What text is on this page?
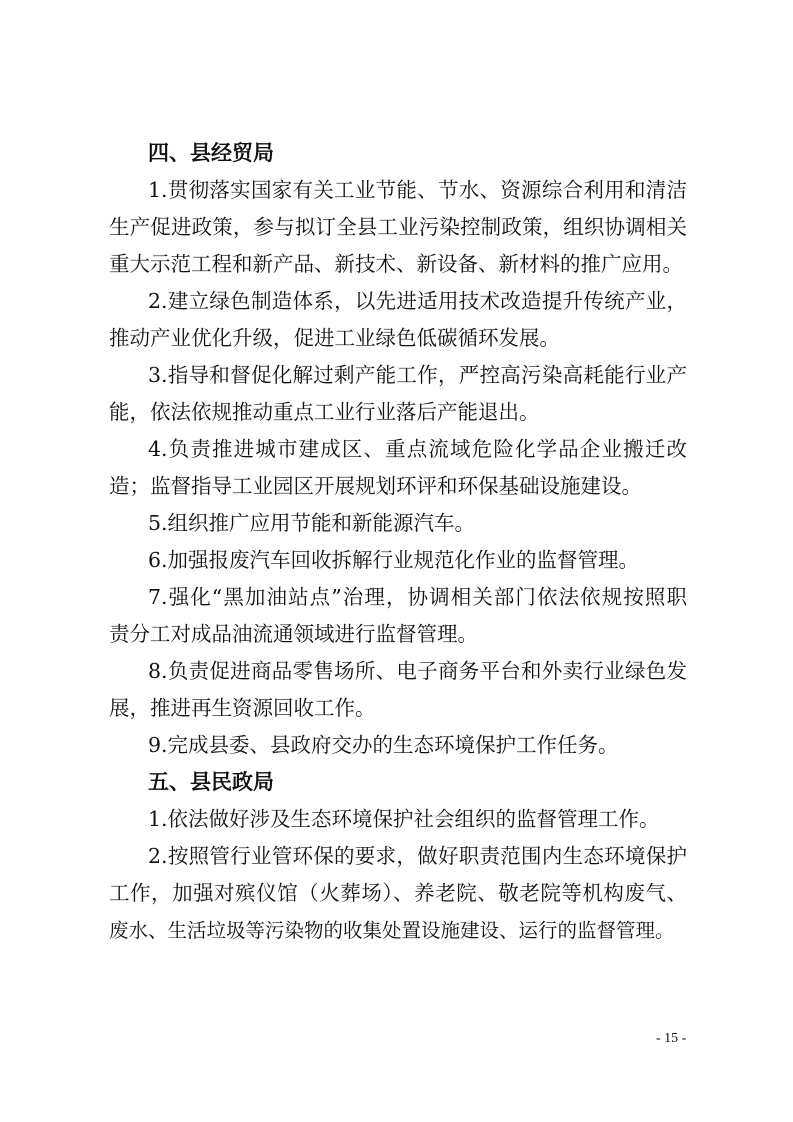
四、县经贸局
1.贯彻落实国家有关工业节能、节水、资源综合利用和清洁
生产促进政策，参与拟订全县工业污染控制政策，组织协调相关
重大示范工程和新产品、新技术、新设备、新材料的推广应用。
2.建立绿色制造体系，以先进适用技术改造提升传统产业，
推动产业优化升级，促进工业绿色低碳循环发展。
3.指导和督促化解过剩产能工作，严控高污染高耗能行业产
能，依法依规推动重点工业行业落后产能退出。
4.负责推进城市建成区、重点流域危险化学品企业搬迁改
造；监督指导工业园区开展规划环评和环保基础设施建设。
5.组织推广应用节能和新能源汽车。
6.加强报废汽车回收拆解行业规范化作业的监督管理。
7.强化“黑加油站点”治理，协调相关部门依法依规按照职
责分工对成品油流通领域进行监督管理。
8.负责促进商品零售场所、电子商务平台和外卖行业绿色发
展，推进再生资源回收工作。
9.完成县委、县政府交办的生态环境保护工作任务。
五、县民政局
1.依法做好涉及生态环境保护社会组织的监督管理工作。
2.按照管行业管环保的要求，做好职责范围内生态环境保护
工作，加强对殡仪馆（火葬场）、养老院、敬老院等机构废气、
废水、生活垃圾等污染物的收集处置设施建设、运行的监督管理。
- 15 -
